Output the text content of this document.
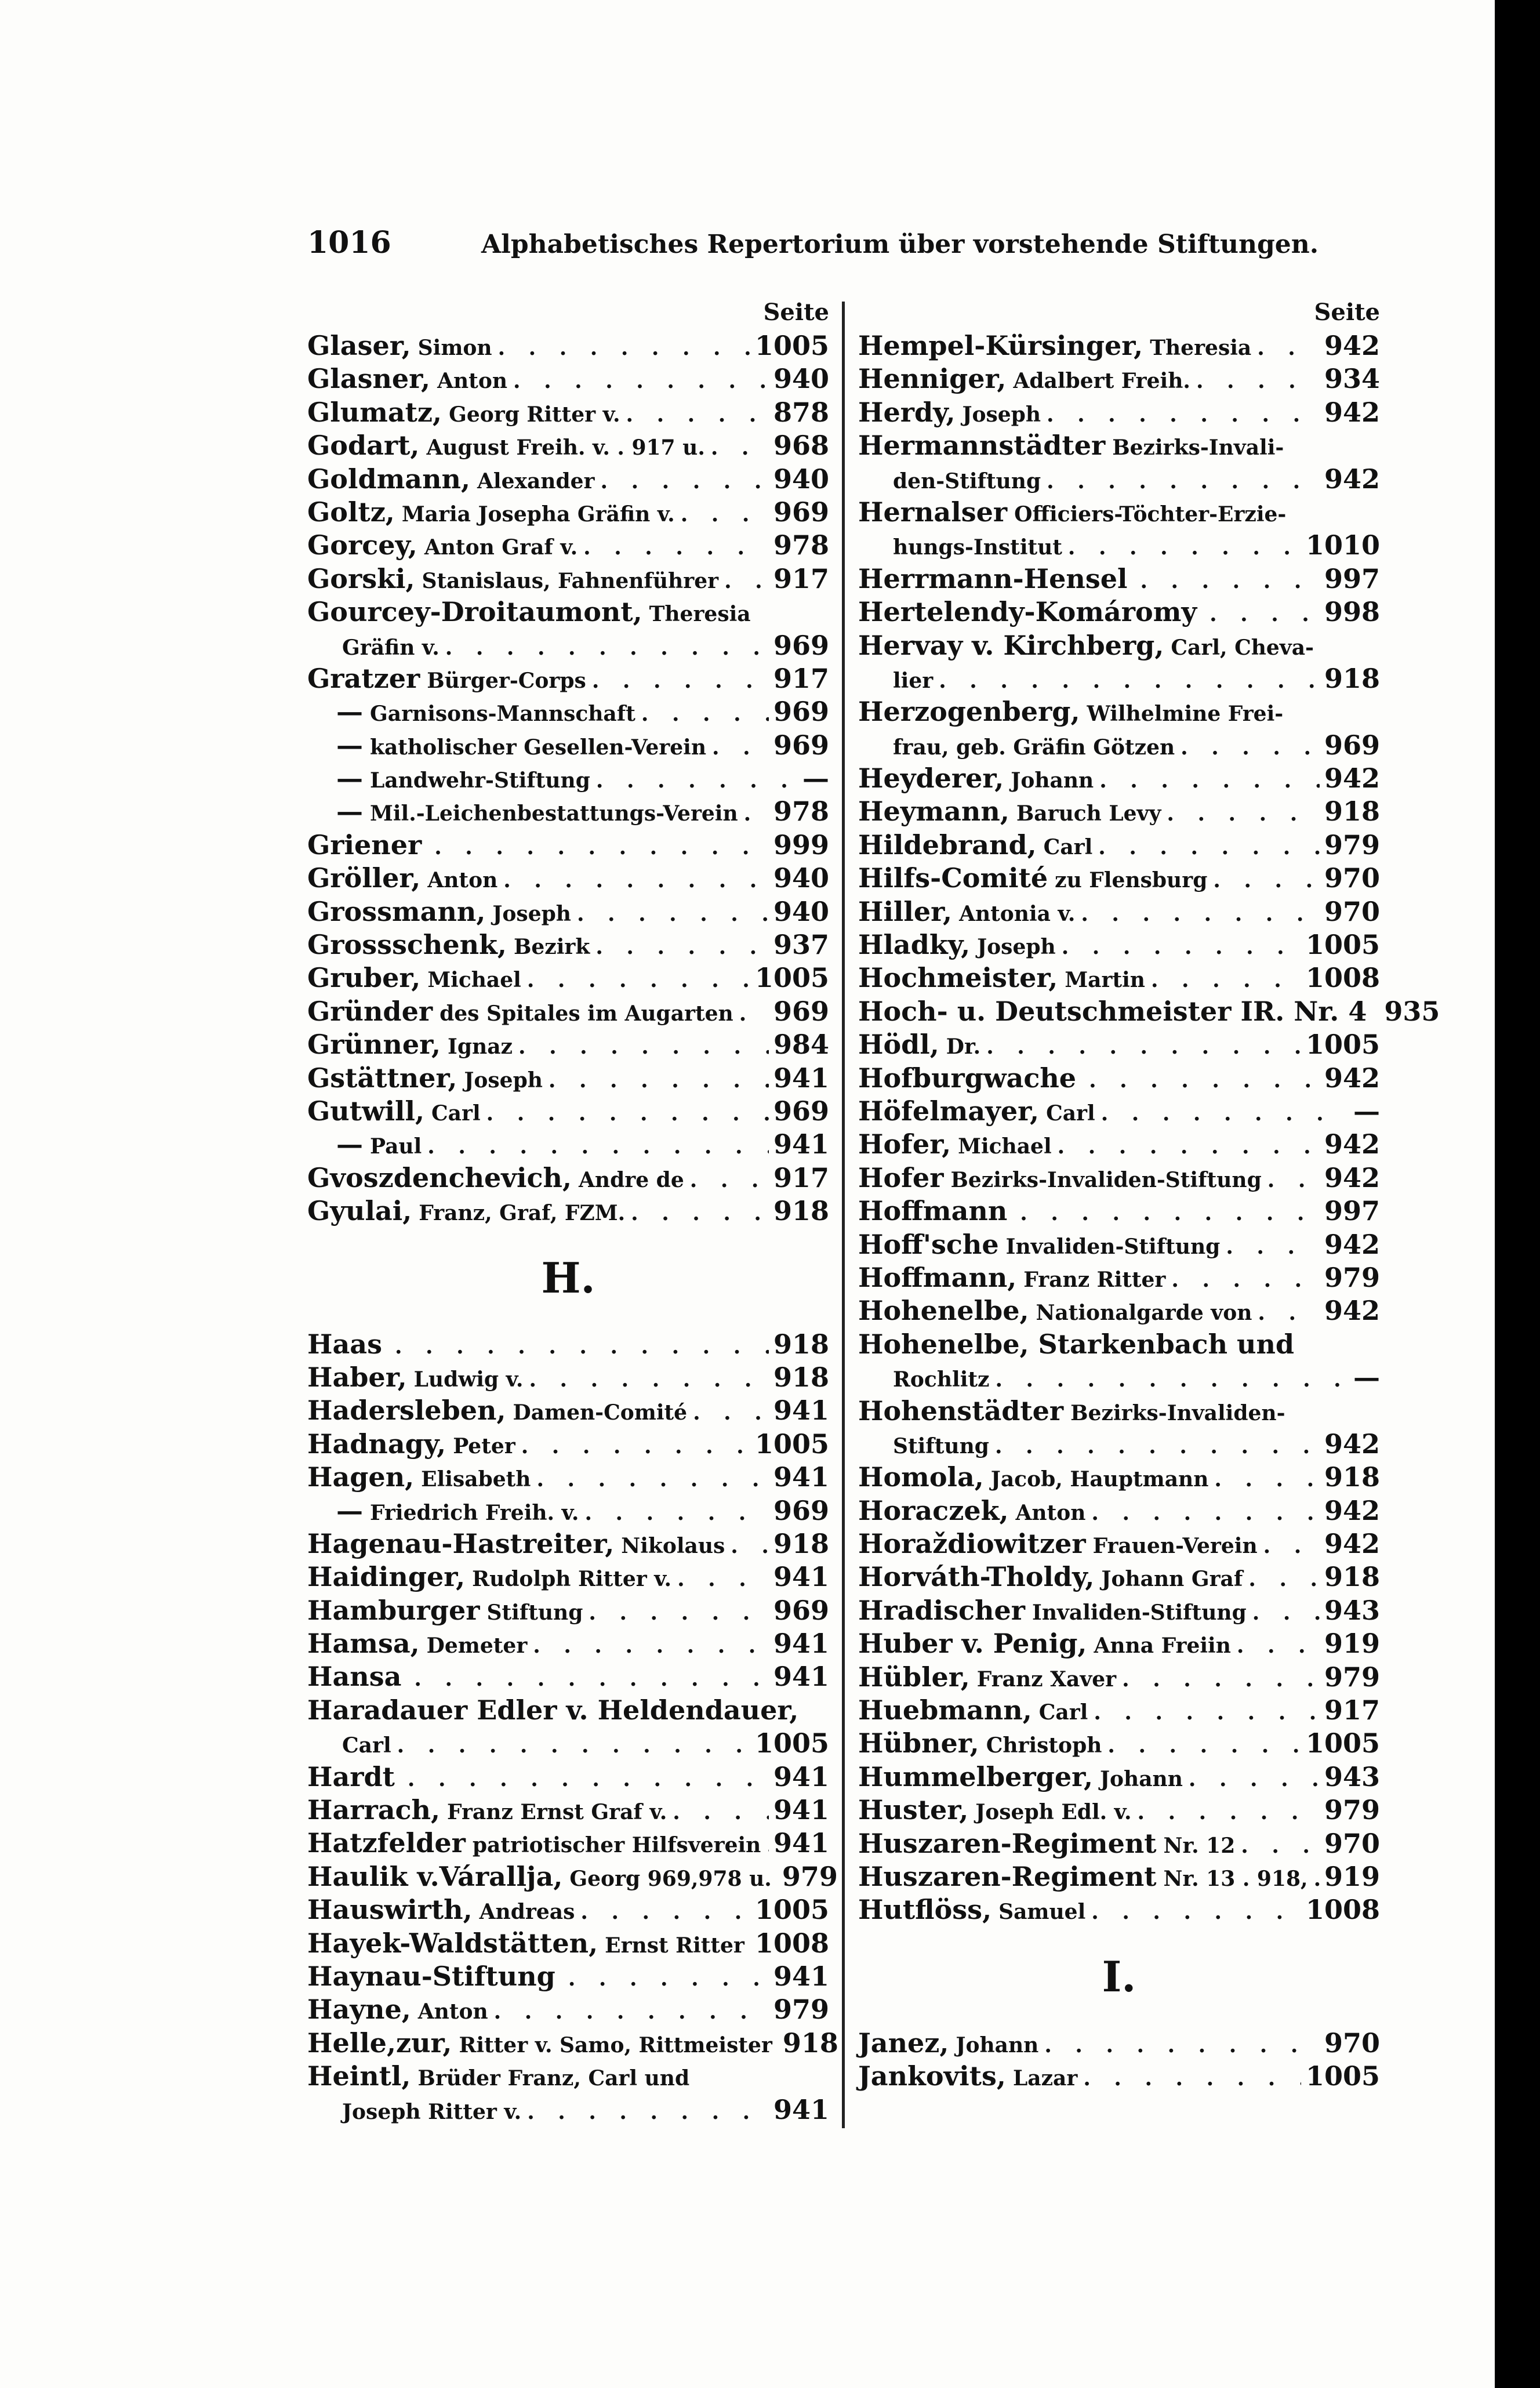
1016	Alphabetisches Repertorium über vorstehende Stiftungen.
Seite
Glaser, Simon . . .	1005
Glasner, Anton . . .	940
Glumatz, Georg Ritter v. . . .	878
Godart, August Freih. v. . 917 u. . . .	968
Goldmann, Alexander . . .	940
Goltz, Maria Josepha Gräfin v. . . .	969
Gorcey, Anton Graf v. . . .	978
Gorski, Stanislaus, Fahnenführer . . . 917
Gourcey-Droitaumont, Theresia
Gräfin v. . . .	969
Gratzer Bürger-Corps . . .	917
— Garnisons-Mannschaft . . .	969
— katholischer Gesellen-Verein . . .	969
— Landwehr-Stiftung . . .	—
— Mil.-Leichenbestattungs-Verein . . . 978
Griener . . .	999
Gröller, Anton . . .	940
Grossmann, Joseph . . .	940
Grossschenk, Bezirk . . .	937
Gruber, Michael . . .	1005
Gründer des Spitales im Augarten . . . 969
Grünner, Ignaz . . .	984
Gstättner, Joseph . . .	941
Gutwill, Carl . . .	969
— Paul . . .	941
Gvoszdenchevich, Andre de . . .	917
Gyulai, Franz, Graf, FZM. . . .	918
H.
Haas . . .	918
Haber, Ludwig v. . . .	918
Hadersleben, Damen-Comité . . .	941
Hadnagy, Peter . . .	1005
Hagen, Elisabeth . . .	941
— Friedrich Freih. v. . . .	969
Hagenau-Hastreiter, Nikolaus . . . 918
Haidinger, Rudolph Ritter v. . . .	941
Hamburger Stiftung . . .	969
Hamsa, Demeter . . .	941
Hansa . . .	941
Haradauer Edler v. Heldendauer,
Carl . . .	1005
Hardt . . .	941
Harrach, Franz Ernst Graf v. . . .	941
Hatzfelder patriotischer Hilfsverein . . . 941
Haulik v.Várallja, Georg 969,978 u. 979
Hauswirth, Andreas . . .	1005
Hayek-Waldstätten, Ernst Ritter . . . 1008
Haynau-Stiftung . . .	941
Hayne, Anton . . .	979
Helle,zur, Ritter v. Samo, Rittmeister 918
Heintl, Brüder Franz, Carl und
Joseph Ritter v. . . .	941
Seite
Hempel-Kürsinger, Theresia . . .	942
Henniger, Adalbert Freih. . . .	934
Herdy, Joseph . . .	942
Hermannstädter Bezirks-Invali-
den-Stiftung . . .	942
Hernalser Officiers-Töchter-Erzie-
hungs-Institut . . .	1010
Herrmann-Hensel . . .	997
Hertelendy-Komáromy . . .	998
Hervay v. Kirchberg, Carl, Cheva-
lier . . .	918
Herzogenberg, Wilhelmine Frei-
frau, geb. Gräfin Götzen . . .	969
Heyderer, Johann . . .	942
Heymann, Baruch Levy . . .	918
Hildebrand, Carl . . .	979
Hilfs-Comité zu Flensburg . . .	970
Hiller, Antonia v. . . .	970
Hladky, Joseph . . .	1005
Hochmeister, Martin . . .	1008
Hoch- u. Deutschmeister IR. Nr. 4 935
Hödl, Dr. . . .	1005
Hofburgwache . . .	942
Höfelmayer, Carl . . .	—
Hofer, Michael . . .	942
Hofer Bezirks-Invaliden-Stiftung . . . 942
Hoffmann . . .	997
Hoff'sche Invaliden-Stiftung . . .	942
Hoffmann, Franz Ritter . . .	979
Hohenelbe, Nationalgarde von . . .	942
Hohenelbe, Starkenbach und
Rochlitz . . .	—
Hohenstädter Bezirks-Invaliden-
Stiftung . . .	942
Homola, Jacob, Hauptmann . . .	918
Horaczek, Anton . . .	942
Horaždiowitzer Frauen-Verein . . .	942
Horváth-Tholdy, Johann Graf . . .	918
Hradischer Invaliden-Stiftung . . .	943
Huber v. Penig, Anna Freiin . . .	919
Hübler, Franz Xaver . . .	979
Huebmann, Carl . . .	917
Hübner, Christoph . . .	1005
Hummelberger, Johann . . .	943
Huster, Joseph Edl. v. . . .	979
Huszaren-Regiment Nr. 12 . . .	970
Huszaren-Regiment Nr. 13 . 918, . . . 919
Hutflöss, Samuel . . .	1008
I.
Janez, Johann . . .	970
Jankovits, Lazar . . .	1005
